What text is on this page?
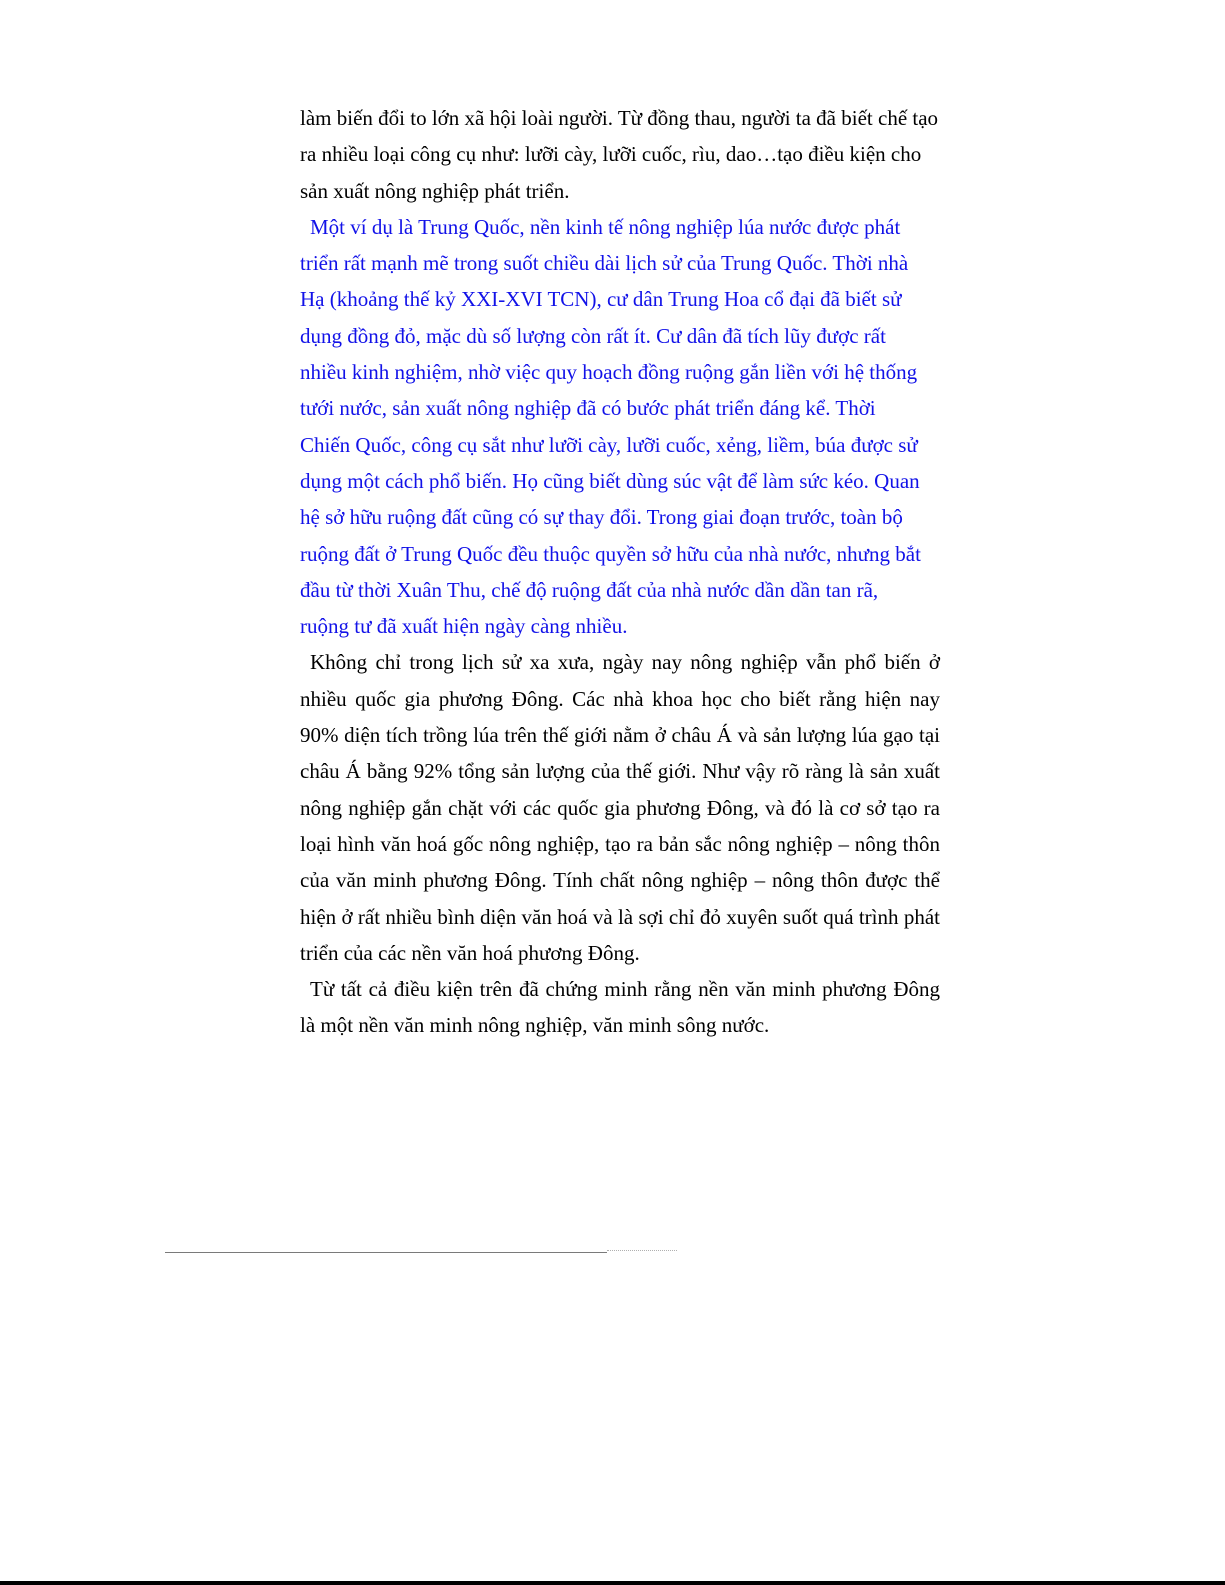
làm biến đổi to lớn xã hội loài người. Từ đồng thau, người ta đã biết chế tạo ra nhiều loại công cụ như: lưỡi cày, lưỡi cuốc, rìu, dao…tạo điều kiện cho sản xuất nông nghiệp phát triển.

Một ví dụ là Trung Quốc, nền kinh tế nông nghiệp lúa nước được phát triển rất mạnh mẽ trong suốt chiều dài lịch sử của Trung Quốc. Thời nhà Hạ (khoảng thế kỷ XXI-XVI TCN), cư dân Trung Hoa cổ đại đã biết sử dụng đồng đỏ, mặc dù số lượng còn rất ít. Cư dân đã tích lũy được rất nhiều kinh nghiệm, nhờ việc quy hoạch đồng ruộng gắn liền với hệ thống tưới nước, sản xuất nông nghiệp đã có bước phát triển đáng kể. Thời Chiến Quốc, công cụ sắt như lưỡi cày, lưỡi cuốc, xẻng, liềm, búa được sử dụng một cách phổ biến. Họ cũng biết dùng súc vật để làm sức kéo. Quan hệ sở hữu ruộng đất cũng có sự thay đổi. Trong giai đoạn trước, toàn bộ ruộng đất ở Trung Quốc đều thuộc quyền sở hữu của nhà nước, nhưng bắt đầu từ thời Xuân Thu, chế độ ruộng đất của nhà nước dần dần tan rã, ruộng tư đã xuất hiện ngày càng nhiều.

Không chỉ trong lịch sử xa xưa, ngày nay nông nghiệp vẫn phổ biến ở nhiều quốc gia phương Đông. Các nhà khoa học cho biết rằng hiện nay 90% diện tích trồng lúa trên thế giới nằm ở châu Á và sản lượng lúa gạo tại châu Á bằng 92% tổng sản lượng của thế giới. Như vậy rõ ràng là sản xuất nông nghiệp gắn chặt với các quốc gia phương Đông, và đó là cơ sở tạo ra loại hình văn hoá gốc nông nghiệp, tạo ra bản sắc nông nghiệp – nông thôn của văn minh phương Đông. Tính chất nông nghiệp – nông thôn được thể hiện ở rất nhiều bình diện văn hoá và là sợi chỉ đỏ xuyên suốt quá trình phát triển của các nền văn hoá phương Đông.

Từ tất cả điều kiện trên đã chứng minh rằng nền văn minh phương Đông là một nền văn minh nông nghiệp, văn minh sông nước.
